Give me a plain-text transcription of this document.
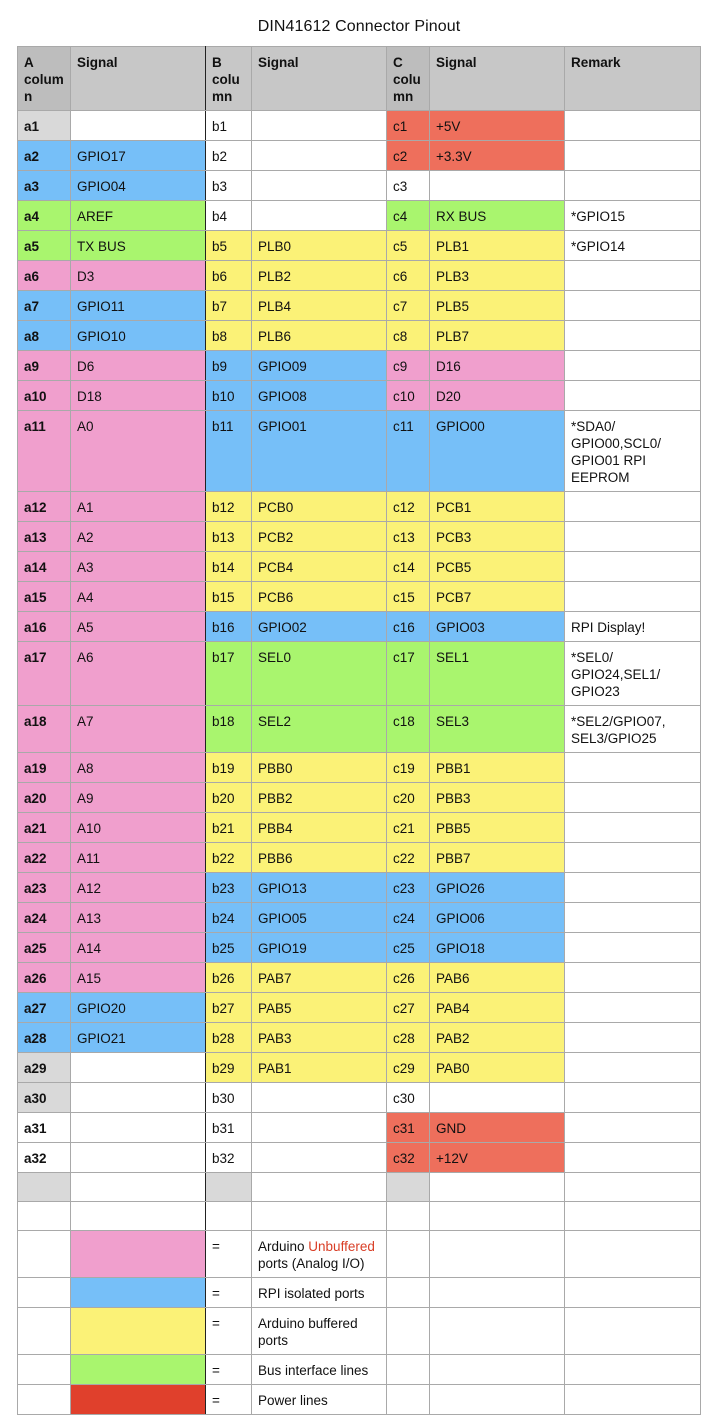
DIN41612 Connector Pinout
A colum n	Signal	B colu mn	Signal	C colu mn	Signal	Remark
a1		b1		c1	+5V	
a2	GPIO17	b2		c2	+3.3V	
a3	GPIO04	b3		c3		
a4	AREF	b4		c4	RX BUS	*GPIO15
a5	TX BUS	b5	PLB0	c5	PLB1	*GPIO14
a6	D3	b6	PLB2	c6	PLB3	
a7	GPIO11	b7	PLB4	c7	PLB5	
a8	GPIO10	b8	PLB6	c8	PLB7	
a9	D6	b9	GPIO09	c9	D16	
a10	D18	b10	GPIO08	c10	D20	
a11	A0	b11	GPIO01	c11	GPIO00	*SDA0/ GPIO00,SCL0/ GPIO01 RPI EEPROM
a12	A1	b12	PCB0	c12	PCB1	
a13	A2	b13	PCB2	c13	PCB3	
a14	A3	b14	PCB4	c14	PCB5	
a15	A4	b15	PCB6	c15	PCB7	
a16	A5	b16	GPIO02	c16	GPIO03	RPI Display!
a17	A6	b17	SEL0	c17	SEL1	*SEL0/ GPIO24,SEL1/ GPIO23
a18	A7	b18	SEL2	c18	SEL3	*SEL2/GPIO07, SEL3/GPIO25
a19	A8	b19	PBB0	c19	PBB1	
a20	A9	b20	PBB2	c20	PBB3	
a21	A10	b21	PBB4	c21	PBB5	
a22	A11	b22	PBB6	c22	PBB7	
a23	A12	b23	GPIO13	c23	GPIO26	
a24	A13	b24	GPIO05	c24	GPIO06	
a25	A14	b25	GPIO19	c25	GPIO18	
a26	A15	b26	PAB7	c26	PAB6	
a27	GPIO20	b27	PAB5	c27	PAB4	
a28	GPIO21	b28	PAB3	c28	PAB2	
a29		b29	PAB1	c29	PAB0	
a30		b30		c30		
a31		b31		c31	GND	
a32		b32		c32	+12V	

		=	Arduino Unbuffered ports (Analog I/O)			
		=	RPI isolated ports			
		=	Arduino buffered ports			
		=	Bus interface lines			
		=	Power lines			
